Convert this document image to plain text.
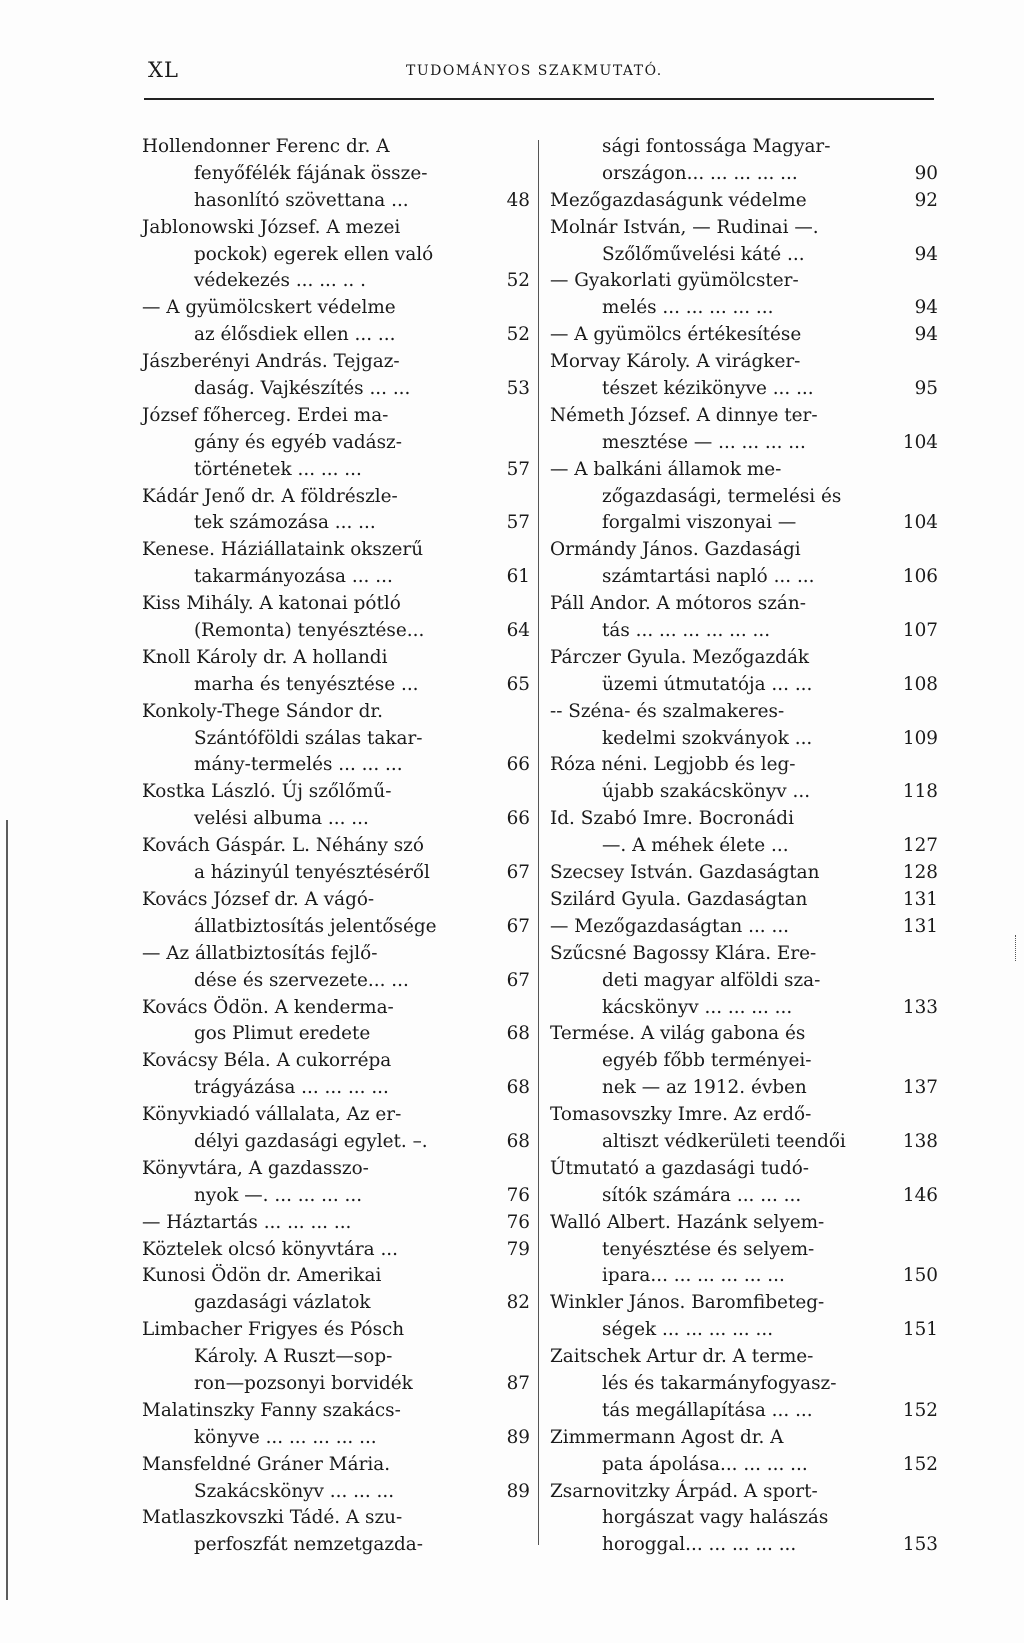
XL	TUDOMÁNYOS SZAKMUTATÓ.
Hollendonner Ferenc dr. A
fenyőfélék fájának össze-
hasonlító szövettana ...	48
Jablonowski József. A mezei
pockok) egerek ellen való
védekezés ... ... .. .	52
— A gyümölcskert védelme
az élősdiek ellen ... ...	52
Jászberényi András. Tejgaz-
daság. Vajkészítés ... ...	53
József főherceg. Erdei ma-
gány és egyéb vadász-
történetek ... ... ...	57
Kádár Jenő dr. A földrészle-
tek számozása ... ...	57
Kenese. Háziállataink okszerű
takarmányozása ... ...	61
Kiss Mihály. A katonai pótló
(Remonta) tenyésztése...	64
Knoll Károly dr. A hollandi
marha és tenyésztése ...	65
Konkoly-Thege Sándor dr.
Szántóföldi szálas takar-
mány-termelés ... ... ...	66
Kostka László. Új szőlőmű-
velési albuma ... ...	66
Kovách Gáspár. L. Néhány szó
a házinyúl tenyésztéséről	67
Kovács József dr. A vágó-
állatbiztosítás jelentősége	67
— Az állatbiztosítás fejlő-
dése és szervezete... ...	67
Kovács Ödön. A kenderma-
gos Plimut eredete	68
Kovácsy Béla. A cukorrépa
trágyázása ... ... ... ...	68
Könyvkiadó vállalata, Az er-
délyi gazdasági egylet. –.	68
Könyvtára, A gazdasszo-
nyok —. ... ... ... ...	76
— Háztartás ... ... ... ...	76
Köztelek olcsó könyvtára ...	79
Kunosi Ödön dr. Amerikai
gazdasági vázlatok	82
Limbacher Frigyes és Pósch
Károly. A Ruszt—sop-
ron—pozsonyi borvidék	87
Malatinszky Fanny szakács-
könyve ... ... ... ... ...	89
Mansfeldné Gráner Mária.
Szakácskönyv ... ... ...	89
Matlaszkovszki Tádé. A szu-
perfoszfát nemzetgazda-
sági fontossága Magyar-
országon... ... ... ... ...	90
Mezőgazdaságunk védelme	92
Molnár István, — Rudinai —.
Szőlőművelési káté ...	94
— Gyakorlati gyümölcster-
melés ... ... ... ... ...	94
— A gyümölcs értékesítése	94
Morvay Károly. A virágker-
tészet kézikönyve ... ...	95
Németh József. A dinnye ter-
mesztése — ... ... ... ...	104
— A balkáni államok me-
zőgazdasági, termelési és
forgalmi viszonyai —	104
Ormándy János. Gazdasági
számtartási napló ... ...	106
Páll Andor. A mótoros szán-
tás ... ... ... ... ... ...	107
Párczer Gyula. Mezőgazdák
üzemi útmutatója ... ...	108
-- Széna- és szalmakeres-
kedelmi szokványok ...	109
Róza néni. Legjobb és leg-
újabb szakácskönyv ...	118
Id. Szabó Imre. Bocronádi
—. A méhek élete ...	127
Szecsey István. Gazdaságtan	128
Szilárd Gyula. Gazdaságtan	131
— Mezőgazdaságtan ... ...	131
Szűcsné Bagossy Klára. Ere-
deti magyar alföldi sza-
kácskönyv ... ... ... ...	133
Termése. A világ gabona és
egyéb főbb terményei-
nek — az 1912. évben	137
Tomasovszky Imre. Az erdő-
altiszt védkerületi teendői	138
Útmutató a gazdasági tudó-
sítók számára ... ... ...	146
Walló Albert. Hazánk selyem-
tenyésztése és selyem-
ipara... ... ... ... ... ...	150
Winkler János. Baromfibeteg-
ségek ... ... ... ... ...	151
Zaitschek Artur dr. A terme-
lés és takarmányfogyasz-
tás megállapítása ... ...	152
Zimmermann Agost dr. A
pata ápolása... ... ... ...	152
Zsarnovitzky Árpád. A sport-
horgászat vagy halászás
horoggal... ... ... ... ...	153
